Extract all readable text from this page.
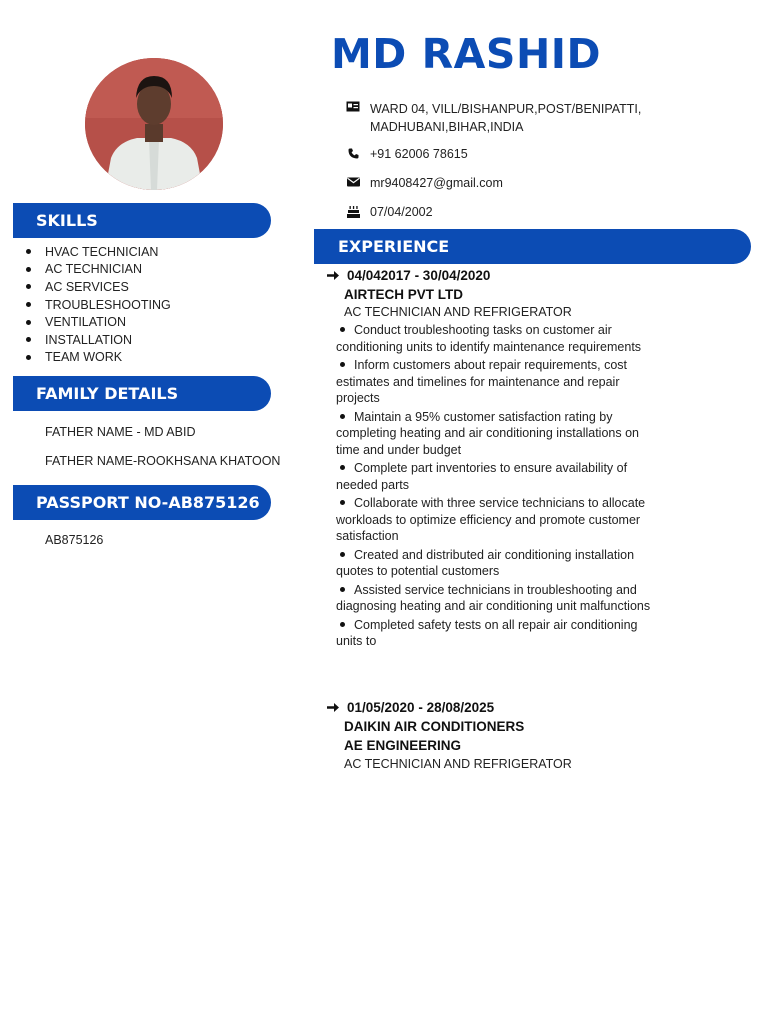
MD RASHID
WARD 04, VILL/BISHANPUR,POST/BENIPATTI, MADHUBANI,BIHAR,INDIA
+91 62006 78615
mr9408427@gmail.com
07/04/2002
SKILLS
HVAC TECHNICIAN
AC TECHNICIAN
AC SERVICES
TROUBLESHOOTING
VENTILATION
INSTALLATION
TEAM WORK
FAMILY DETAILS
FATHER NAME - MD ABID
FATHER NAME-ROOKHSANA KHATOON
PASSPORT NO-AB875126
AB875126
EXPERIENCE
04/042017 - 30/04/2020
AIRTECH PVT LTD
AC TECHNICIAN AND REFRIGERATOR
Conduct troubleshooting tasks on customer air conditioning units to identify maintenance requirements
Inform customers about repair requirements, cost estimates and timelines for maintenance and repair projects
Maintain a 95% customer satisfaction rating by completing heating and air conditioning installations on time and under budget
Complete part inventories to ensure availability of needed parts
Collaborate with three service technicians to allocate workloads to optimize efficiency and promote customer satisfaction
Created and distributed air conditioning installation quotes to potential customers
Assisted service technicians in troubleshooting and diagnosing heating and air conditioning unit malfunctions
Completed safety tests on all repair air conditioning units to
01/05/2020 - 28/08/2025
DAIKIN AIR CONDITIONERS
AE ENGINEERING
AC TECHNICIAN AND REFRIGERATOR
